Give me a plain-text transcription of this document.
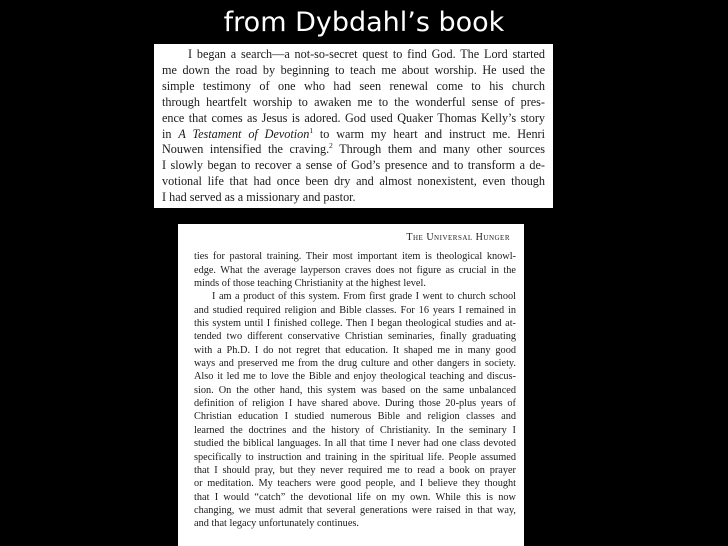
from Dybdahl’s book
I began a search—a not-so-secret quest to find God. The Lord started
me down the road by beginning to teach me about worship. He used the
simple testimony of one who had seen renewal come to his church
through heartfelt worship to awaken me to the wonderful sense of pres-
ence that comes as Jesus is adored. God used Quaker Thomas Kelly’s story
in A Testament of Devotion$^1$ to warm my heart and instruct me. Henri
Nouwen intensified the craving.$^2$ Through them and many other sources
I slowly began to recover a sense of God’s presence and to transform a de-
votional life that had once been dry and almost nonexistent, even though
I had served as a missionary and pastor.
The Universal Hunger
ties for pastoral training. Their most important item is theological knowl-
edge. What the average layperson craves does not figure as crucial in the
minds of those teaching Christianity at the highest level.
I am a product of this system. From first grade I went to church school
and studied required religion and Bible classes. For 16 years I remained in
this system until I finished college. Then I began theological studies and at-
tended two different conservative Christian seminaries, finally graduating
with a Ph.D. I do not regret that education. It shaped me in many good
ways and preserved me from the drug culture and other dangers in society.
Also it led me to love the Bible and enjoy theological teaching and discus-
sion. On the other hand, this system was based on the same unbalanced
definition of religion I have shared above. During those 20-plus years of
Christian education I studied numerous Bible and religion classes and
learned the doctrines and the history of Christianity. In the seminary I
studied the biblical languages. In all that time I never had one class devoted
specifically to instruction and training in the spiritual life. People assumed
that I should pray, but they never required me to read a book on prayer
or meditation. My teachers were good people, and I believe they thought
that I would “catch” the devotional life on my own. While this is now
changing, we must admit that several generations were raised in that way,
and that legacy unfortunately continues.
